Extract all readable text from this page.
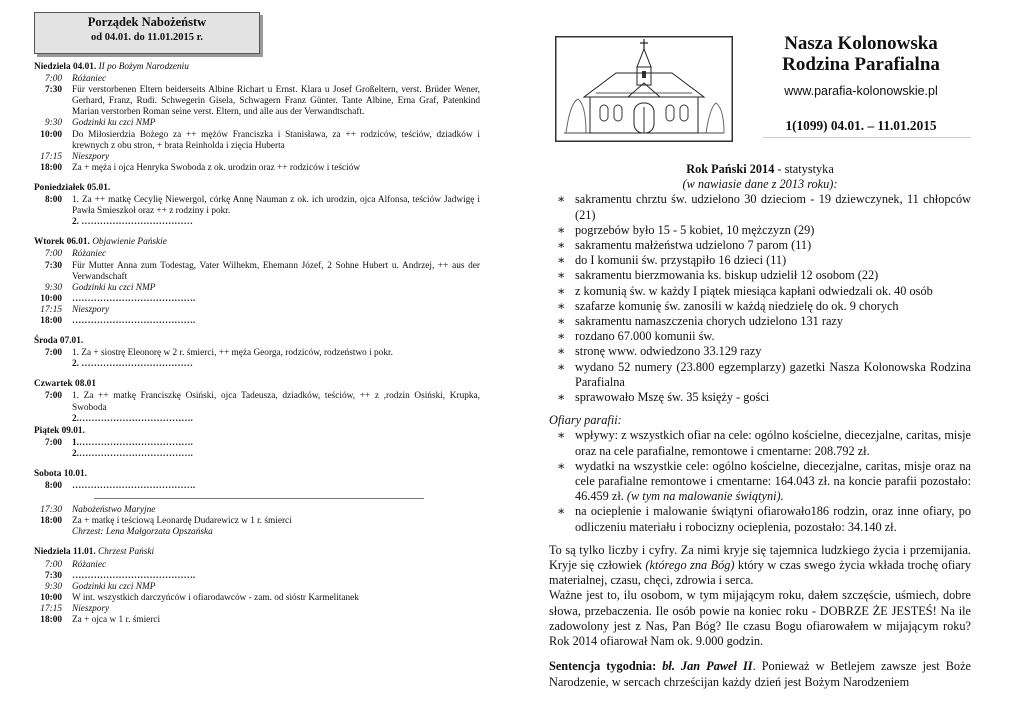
Porządek Nabożeństw
od 04.01. do 11.01.2015 r.
Niedziela 04.01. II po Bożym Narodzeniu
7:00	Różaniec
7:30	Für verstorbenen Eltern beiderseits Albine Richart u Ernst. Klara u Josef Großeltern, verst. Brüder Wener, Gerhard, Franz, Rudi. Schwegerin Gisela, Schwagern Franz Günter. Tante Albine, Erna Graf, Patenkind Marian verstorben Roman seine verst. Eltern, und alle aus der Verwandtschaft.
9:30	Godzinki ku czci NMP
10:00	Do Miłosierdzia Bożego za ++ mężów Franciszka i Stanisława, za ++ rodziców, teściów, dziadków i krewnych z obu stron, + brata Reinholda i zięcia Huberta
17:15	Nieszpory
18:00	Za + męża i ojca Henryka Swoboda z ok. urodzin oraz ++ rodziców i teściów
Poniedziałek 05.01.
8:00	1. Za ++ matkę Cecylię Niewergol, córkę Annę Nauman z ok. ich urodzin, ojca Alfonsa, teściów Jadwigę i Pawła Smieszkoł oraz ++ z rodziny i pokr.
2. ………………………………
Wtorek 06.01. Objawienie Pańskie
7:00	Różaniec
7:30	Für Mutter Anna zum Todestag, Vater Wilhekm, Ehemann Józef, 2 Sohne Hubert u. Andrzej, ++ aus der Verwandschaft
9:30	Godzinki ku czci NMP
10:00	………………………………….
17:15	Nieszpory
18:00	………………………………….
Środa 07.01.
7:00	1. Za + siostrę Eleonorę w 2 r. śmierci, ++ męża Georga, rodziców, rodzeństwo i pokr.
2. ………………………………
Czwartek 08.01
7:00	1. Za ++ matkę Franciszkę Osiński, ojca Tadeusza, dziadków, teściów, ++ z ,rodzin Osiński, Krupka, Swoboda
2.……………………………….
Piątek 09.01.
7:00	1.……………………………….
2.……………………………….
Sobota 10.01.
8:00	………………………………….
17:30	Nabożeństwo Maryjne
18:00	Za + matkę i teściową Leonardę Dudarewicz w 1 r. śmierci
Chrzest: Lena Małgorzata Opszańska
Niedziela 11.01. Chrzest Pański
7:00	Różaniec
7:30	………………………………….
9:30	Godzinki ku czci NMP
10:00	W int. wszystkich darczyńców i ofiarodawców - zam. od sióstr Karmelitanek
17:15	Nieszpory
18:00	Za + ojca w 1 r. śmierci
Nasza Kolonowska
Rodzina Parafialna
www.parafia-kolonowskie.pl
1(1099) 04.01. – 11.01.2015
Rok Pański 2014 - statystyka
(w nawiasie dane z 2013 roku):
∗ sakramentu chrztu św. udzielono 30 dzieciom - 19 dziewczynek, 11 chłopców (21)
∗ pogrzebów było 15 - 5 kobiet, 10 mężczyzn (29)
∗ sakramentu małżeństwa udzielono 7 parom (11)
∗ do I komunii św. przystąpiło 16 dzieci (11)
∗ sakramentu bierzmowania ks. biskup udzielił 12 osobom (22)
∗ z komunią św. w każdy I piątek miesiąca kapłani odwiedzali ok. 40 osób
∗ szafarze komunię św. zanosili w każdą niedzielę do ok. 9 chorych
∗ sakramentu namaszczenia chorych udzielono 131 razy
∗ rozdano 67.000 komunii św.
∗ stronę www. odwiedzono 33.129 razy
∗ wydano 52 numery (23.800 egzemplarzy) gazetki Nasza Kolonowska Rodzina Parafialna
∗ sprawowało Mszę św. 35 księży - gości
Ofiary parafii:
∗ wpływy: z wszystkich ofiar na cele: ogólno kościelne, diecezjalne, caritas, misje oraz na cele parafialne, remontowe i cmentarne: 208.792 zł.
∗ wydatki na wszystkie cele: ogólno kościelne, diecezjalne, caritas, misje oraz na cele parafialne remontowe i cmentarne: 164.043 zł. na koncie parafii pozostało: 46.459 zł. (w tym na malowanie świątyni).
∗ na ocieplenie i malowanie świątyni ofiarowało186 rodzin, oraz inne ofiary, po odliczeniu materiału i robocizny ocieplenia, pozostało: 34.140 zł.
To są tylko liczby i cyfry. Za nimi kryje się tajemnica ludzkiego życia i przemijania. Kryje się człowiek (którego zna Bóg) który w czas swego życia wkłada trochę ofiary materialnej, czasu, chęci, zdrowia i serca.
Ważne jest to, ilu osobom, w tym mijającym roku, dałem szczęście, uśmiech, dobre słowa, przebaczenia. Ile osób powie na koniec roku - DOBRZE ŻE JESTEŚ! Na ile zadowolony jest z Nas, Pan Bóg? Ile czasu Bogu ofiarowałem w mijającym roku? Rok 2014 ofiarował Nam ok. 9.000 godzin.
Sentencja tygodnia: bł. Jan Paweł II. Ponieważ w Betlejem zawsze jest Boże Narodzenie, w sercach chrześcijan każdy dzień jest Bożym Narodzeniem
